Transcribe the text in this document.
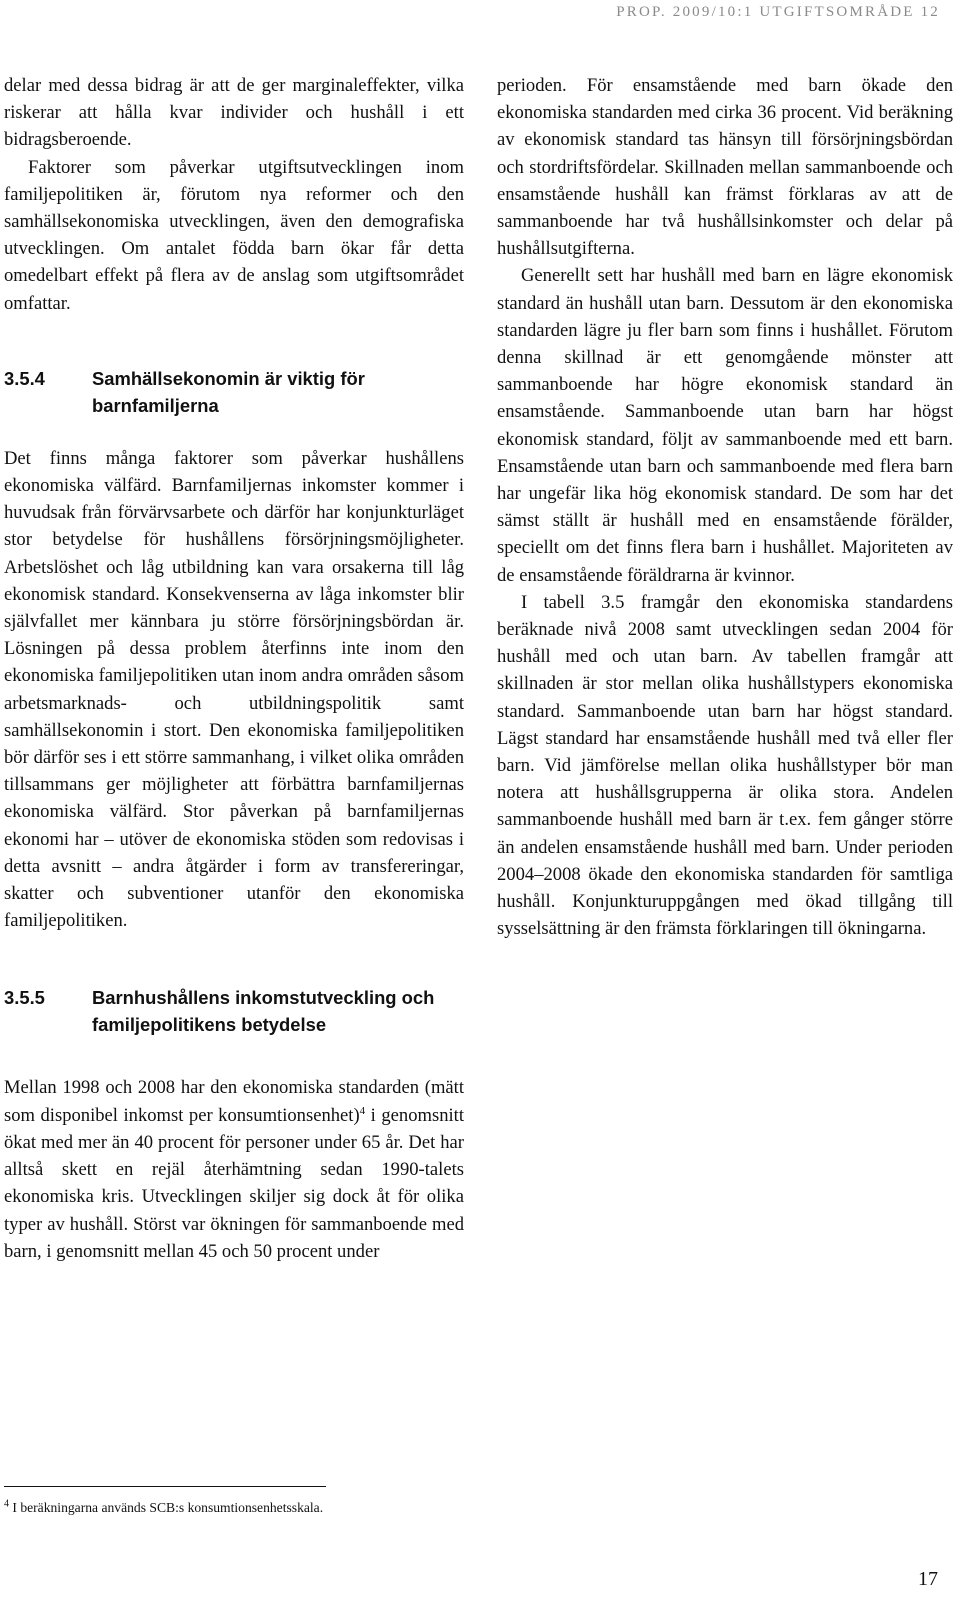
PROP. 2009/10:1 UTGIFTSOMRÅDE 12

delar med dessa bidrag är att de ger marginaleffekter, vilka riskerar att hålla kvar individer och hushåll i ett bidragsberoende.

Faktorer som påverkar utgiftsutvecklingen inom familjepolitiken är, förutom nya reformer och den samhällsekonomiska utvecklingen, även den demografiska utvecklingen. Om antalet födda barn ökar får detta omedelbart effekt på flera av de anslag som utgiftsområdet omfattar.

3.5.4	Samhällsekonomin är viktig för barnfamiljerna

Det finns många faktorer som påverkar hushållens ekonomiska välfärd. Barnfamiljernas inkomster kommer i huvudsak från förvärvsarbete och därför har konjunkturläget stor betydelse för hushållens försörjningsmöjligheter. Arbetslöshet och låg utbildning kan vara orsakerna till låg ekonomisk standard. Konsekvenserna av låga inkomster blir självfallet mer kännbara ju större försörjningsbördan är. Lösningen på dessa problem återfinns inte inom den ekonomiska familjepolitiken utan inom andra områden såsom arbetsmarknads- och utbildningspolitik samt samhällsekonomin i stort. Den ekonomiska familjepolitiken bör därför ses i ett större sammanhang, i vilket olika områden tillsammans ger möjligheter att förbättra barnfamiljernas ekonomiska välfärd. Stor påverkan på barnfamiljernas ekonomi har – utöver de ekonomiska stöden som redovisas i detta avsnitt – andra åtgärder i form av transfereringar, skatter och subventioner utanför den ekonomiska familjepolitiken.

3.5.5	Barnhushållens inkomstutveckling och familjepolitikens betydelse

Mellan 1998 och 2008 har den ekonomiska standarden (mätt som disponibel inkomst per konsumtionsenhet)$^4$ i genomsnitt ökat med mer än 40 procent för personer under 65 år. Det har alltså skett en rejäl återhämtning sedan 1990-talets ekonomiska kris. Utvecklingen skiljer sig dock åt för olika typer av hushåll. Störst var ökningen för sammanboende med barn, i genomsnitt mellan 45 och 50 procent under

perioden. För ensamstående med barn ökade den ekonomiska standarden med cirka 36 procent. Vid beräkning av ekonomisk standard tas hänsyn till försörjningsbördan och stordriftsfördelar. Skillnaden mellan sammanboende och ensamstående hushåll kan främst förklaras av att de sammanboende har två hushållsinkomster och delar på hushållsutgifterna.

Generellt sett har hushåll med barn en lägre ekonomisk standard än hushåll utan barn. Dessutom är den ekonomiska standarden lägre ju fler barn som finns i hushållet. Förutom denna skillnad är ett genomgående mönster att sammanboende har högre ekonomisk standard än ensamstående. Sammanboende utan barn har högst ekonomisk standard, följt av sammanboende med ett barn. Ensamstående utan barn och sammanboende med flera barn har ungefär lika hög ekonomisk standard. De som har det sämst ställt är hushåll med en ensamstående förälder, speciellt om det finns flera barn i hushållet. Majoriteten av de ensamstående föräldrarna är kvinnor.

I tabell 3.5 framgår den ekonomiska standardens beräknade nivå 2008 samt utvecklingen sedan 2004 för hushåll med och utan barn. Av tabellen framgår att skillnaden är stor mellan olika hushållstypers ekonomiska standard. Sammanboende utan barn har högst standard. Lägst standard har ensamstående hushåll med två eller fler barn. Vid jämförelse mellan olika hushållstyper bör man notera att hushållsgrupperna är olika stora. Andelen sammanboende hushåll med barn är t.ex. fem gånger större än andelen ensamstående hushåll med barn. Under perioden 2004–2008 ökade den ekonomiska standarden för samtliga hushåll. Konjunkturuppgången med ökad tillgång till sysselsättning är den främsta förklaringen till ökningarna.

$^4$ I beräkningarna används SCB:s konsumtionsenhetsskala.
17
